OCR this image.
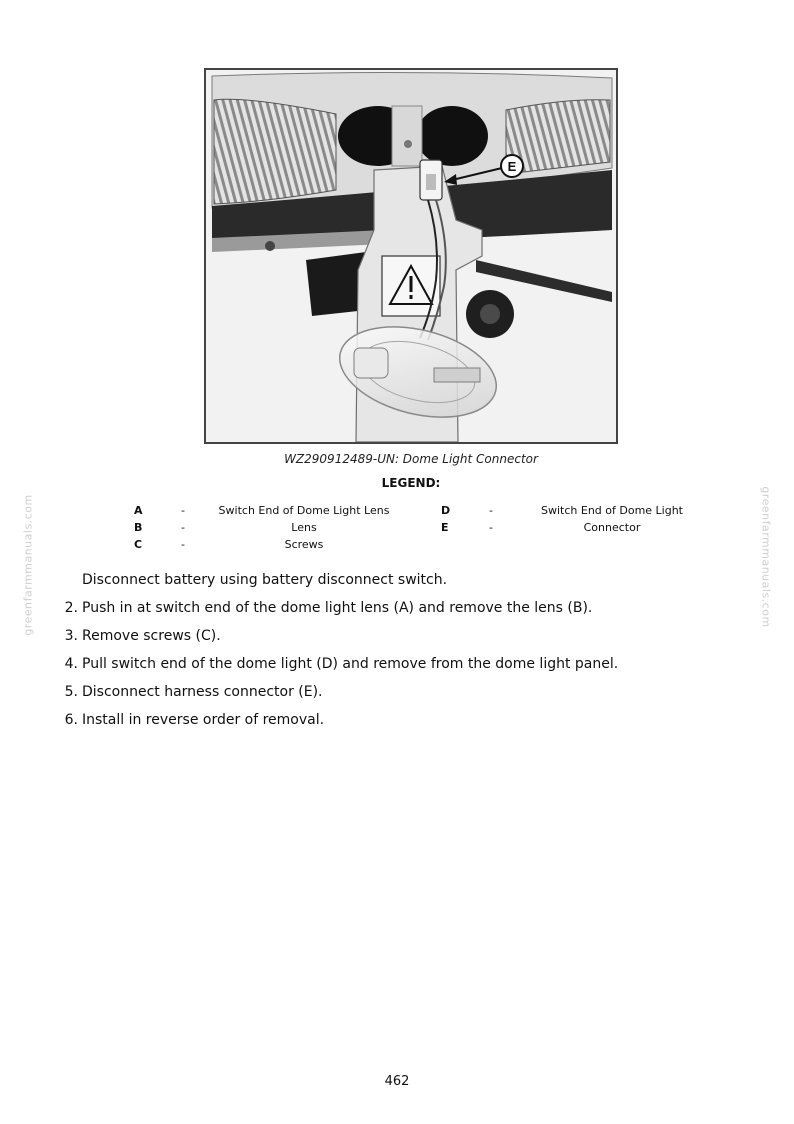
E
WZ290912489-UN: Dome Light Connector
LEGEND:
A	-	Switch End of Dome Light Lens	D	-	Switch End of Dome Light
B	-	Lens	E	-	Connector
C	-	Screws
Disconnect battery using battery disconnect switch.
2. Push in at switch end of the dome light lens (A) and remove the lens (B).
3. Remove screws (C).
4. Pull switch end of the dome light (D) and remove from the dome light panel.
5. Disconnect harness connector (E).
6. Install in reverse order of removal.
greenfarmmanuals.com	greenfarmmanuals.com
462
